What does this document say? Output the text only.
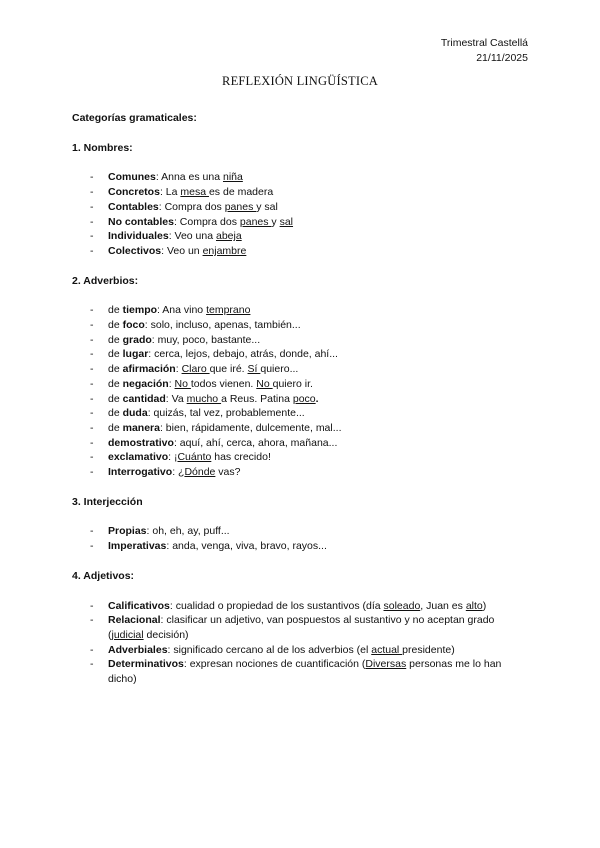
Trimestral Castellá
21/11/2025
REFLEXIÓN LINGÜÍSTICA
Categorías gramaticales:
1. Nombres:
- Comunes: Anna es una niña
- Concretos: La mesa es de madera
- Contables: Compra dos panes y sal
- No contables: Compra dos panes y sal
- Individuales: Veo una abeja
- Colectivos: Veo un enjambre
2. Adverbios:
- de tiempo: Ana vino temprano
- de foco: solo, incluso, apenas, también...
- de grado: muy, poco, bastante...
- de lugar: cerca, lejos, debajo, atrás, donde, ahí...
- de afirmación: Claro que iré. Sí quiero...
- de negación: No todos vienen. No quiero ir.
- de cantidad: Va mucho a Reus. Patina poco.
- de duda: quizás, tal vez, probablemente...
- de manera: bien, rápidamente, dulcemente, mal...
- demostrativo: aquí, ahí, cerca, ahora, mañana...
- exclamativo: ¡Cuánto has crecido!
- Interrogativo: ¿Dónde vas?
3. Interjección
- Propias: oh, eh, ay, puff...
- Imperativas: anda, venga, viva, bravo, rayos...
4. Adjetivos:
- Calificativos: cualidad o propiedad de los sustantivos (día soleado, Juan es alto)
- Relacional: clasificar un adjetivo, van pospuestos al sustantivo y no aceptan grado (judicial decisión)
- Adverbiales: significado cercano al de los adverbios (el actual presidente)
- Determinativos: expresan nociones de cuantificación (Diversas personas me lo han dicho)
